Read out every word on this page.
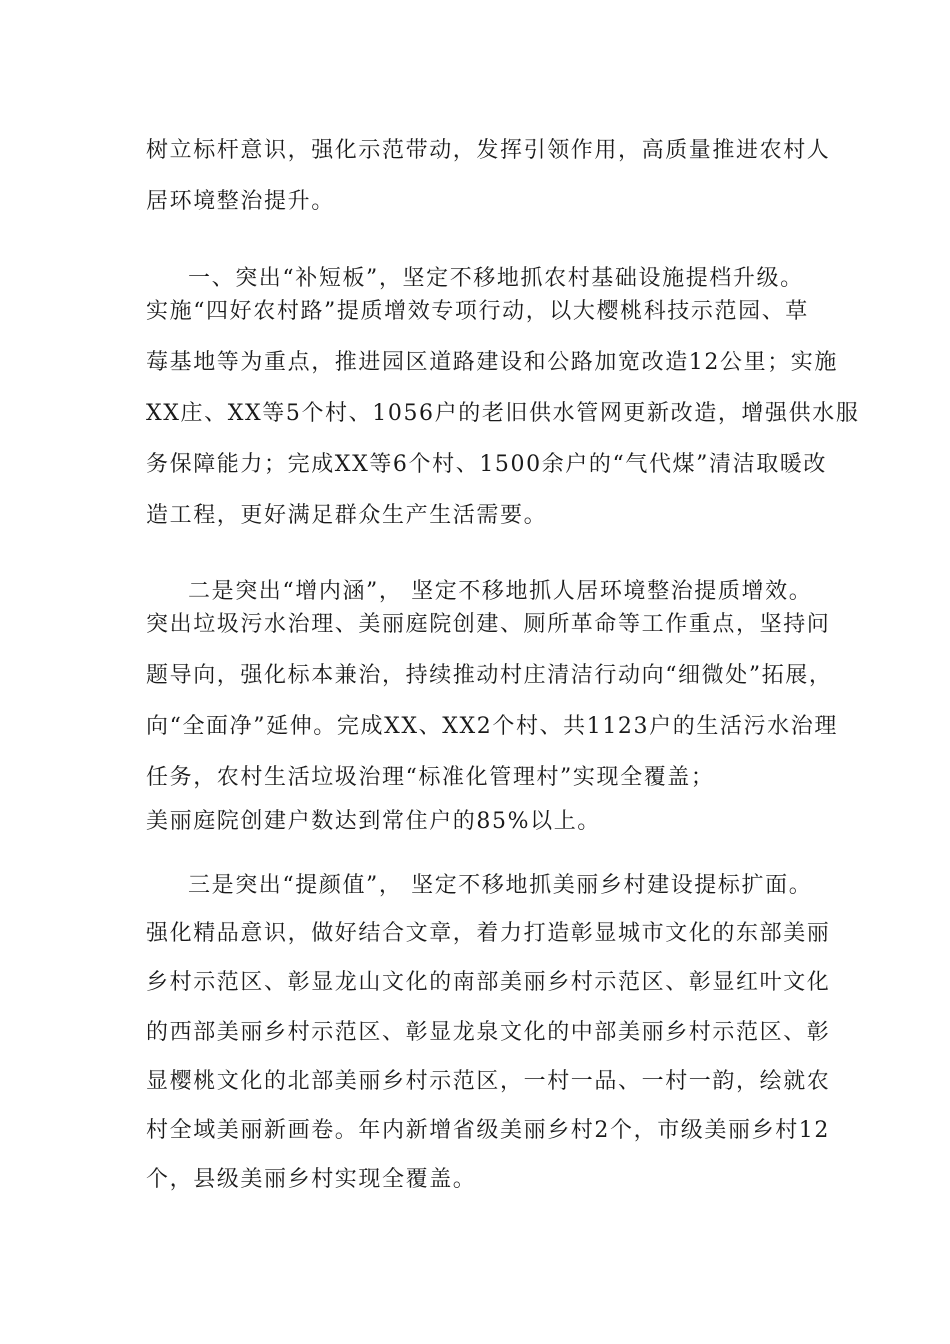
树立标杆意识，强化示范带动，发挥引领作用，高质量推进农村人
居环境整治提升。
一、突出“补短板”，坚定不移地抓农村基础设施提档升级。
实施“四好农村路”提质增效专项行动，以大樱桃科技示范园、草
莓基地等为重点，推进园区道路建设和公路加宽改造12公里；实施
XX庄、XX等5个村、1056户的老旧供水管网更新改造，增强供水服
务保障能力；完成XX等6个村、1500余户的“气代煤”清洁取暖改
造工程，更好满足群众生产生活需要。
二是突出“增内涵”， 坚定不移地抓人居环境整治提质增效。
突出垃圾污水治理、美丽庭院创建、厕所革命等工作重点，坚持问
题导向，强化标本兼治，持续推动村庄清洁行动向“细微处”拓展，
向“全面净”延伸。完成XX、XX2个村、共1123户的生活污水治理
任务，农村生活垃圾治理“标准化管理村”实现全覆盖；
美丽庭院创建户数达到常住户的85%以上。
三是突出“提颜值”， 坚定不移地抓美丽乡村建设提标扩面。
强化精品意识，做好结合文章，着力打造彰显城市文化的东部美丽
乡村示范区、彰显龙山文化的南部美丽乡村示范区、彰显红叶文化
的西部美丽乡村示范区、彰显龙泉文化的中部美丽乡村示范区、彰
显樱桃文化的北部美丽乡村示范区，一村一品、一村一韵，绘就农
村全域美丽新画卷。年内新增省级美丽乡村2个，市级美丽乡村12
个，县级美丽乡村实现全覆盖。
